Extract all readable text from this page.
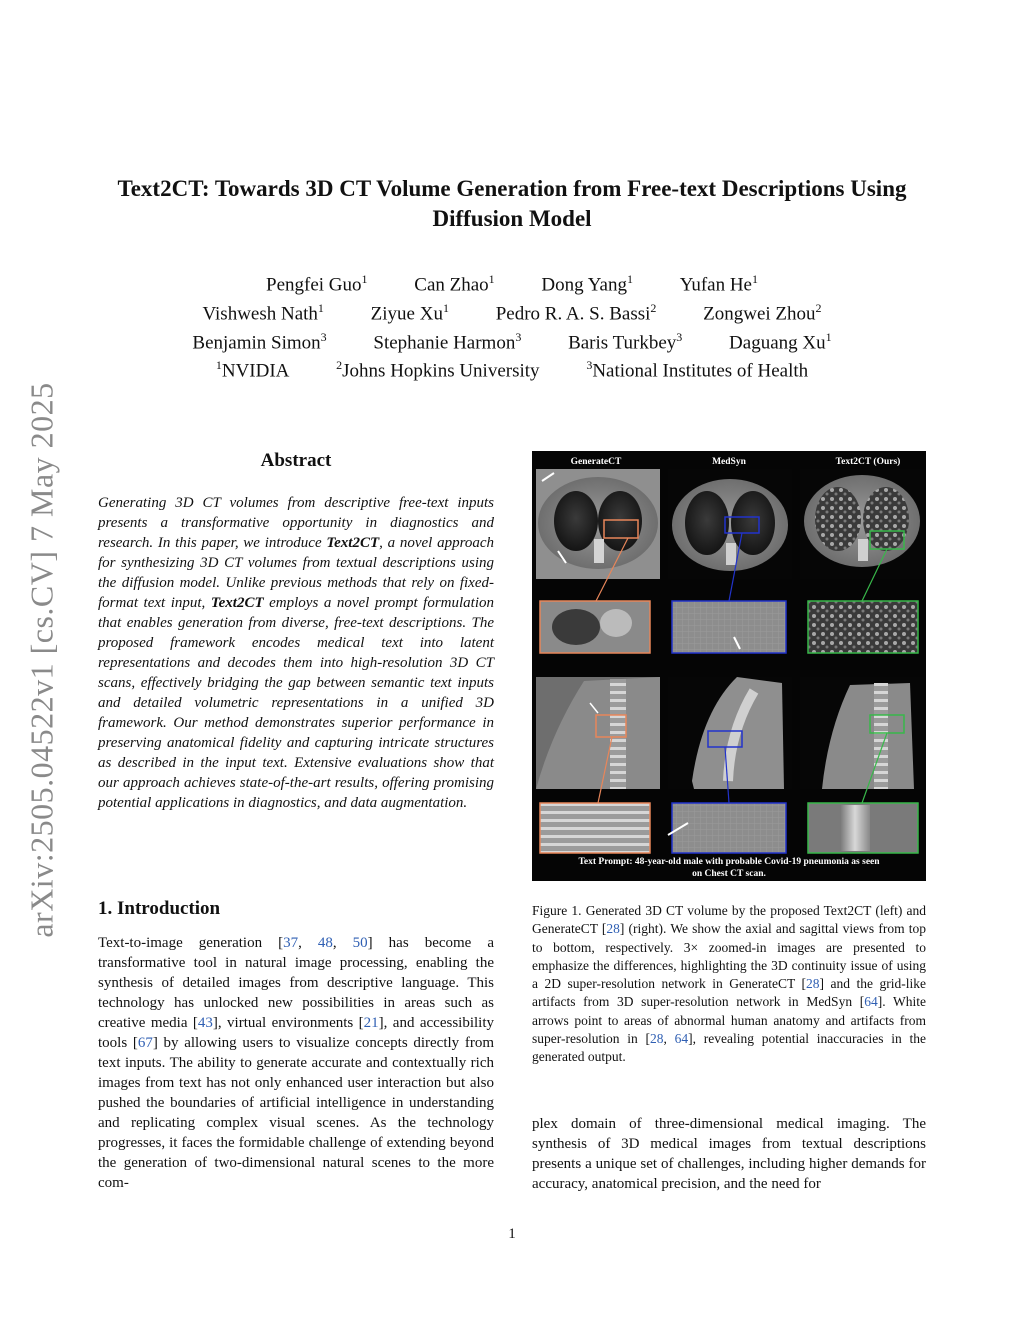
arXiv:2505.04522v1 [cs.CV] 7 May 2025
Text2CT: Towards 3D CT Volume Generation from Free-text Descriptions Using
Diffusion Model
Pengfei Guo$^1$ Can Zhao$^1$ Dong Yang$^1$ Yufan He$^1$
Vishwesh Nath$^1$ Ziyue Xu$^1$ Pedro R. A. S. Bassi$^2$ Zongwei Zhou$^2$
Benjamin Simon$^3$ Stephanie Harmon$^3$ Baris Turkbey$^3$ Daguang Xu$^1$
$^1$NVIDIA	$^2$Johns Hopkins University	$^3$National Institutes of Health
Abstract
Generating 3D CT volumes from descriptive free-text inputs presents a transformative opportunity in diagnostics and research. In this paper, we introduce Text2CT, a novel approach for synthesizing 3D CT volumes from textual descriptions using the diffusion model. Unlike previous methods that rely on fixed-format text input, Text2CT employs a novel prompt formulation that enables generation from diverse, free-text descriptions. The proposed framework encodes medical text into latent representations and decodes them into high-resolution 3D CT scans, effectively bridging the gap between semantic text inputs and detailed volumetric representations in a unified 3D framework. Our method demonstrates superior performance in preserving anatomical fidelity and capturing intricate structures as described in the input text. Extensive evaluations show that our approach achieves state-of-the-art results, offering promising potential applications in diagnostics, and data augmentation.
1. Introduction
Text-to-image generation [37, 48, 50] has become a transformative tool in natural image processing, enabling the synthesis of detailed images from descriptive language. This technology has unlocked new possibilities in areas such as creative media [43], virtual environments [21], and accessibility tools [67] by allowing users to visualize concepts directly from text inputs. The ability to generate accurate and contextually rich images from text has not only enhanced user interaction but also pushed the boundaries of artificial intelligence in understanding and replicating complex visual scenes. As the technology progresses, it faces the formidable challenge of extending beyond the generation of two-dimensional natural scenes to the more com-
GenerateCT	MedSyn	Text2CT (Ours)
Text Prompt: 48-year-old male with probable Covid-19 pneumonia as seen
on Chest CT scan.
Figure 1. Generated 3D CT volume by the proposed Text2CT (left) and GenerateCT [28] (right). We show the axial and sagittal views from top to bottom, respectively. 3× zoomed-in images are presented to emphasize the differences, highlighting the 3D continuity issue of using a 2D super-resolution network in GenerateCT [28] and the grid-like artifacts from 3D super-resolution network in MedSyn [64]. White arrows point to areas of abnormal human anatomy and artifacts from super-resolution in [28, 64], revealing potential inaccuracies in the generated output.
plex domain of three-dimensional medical imaging. The synthesis of 3D medical images from textual descriptions presents a unique set of challenges, including higher demands for accuracy, anatomical precision, and the need for
1
